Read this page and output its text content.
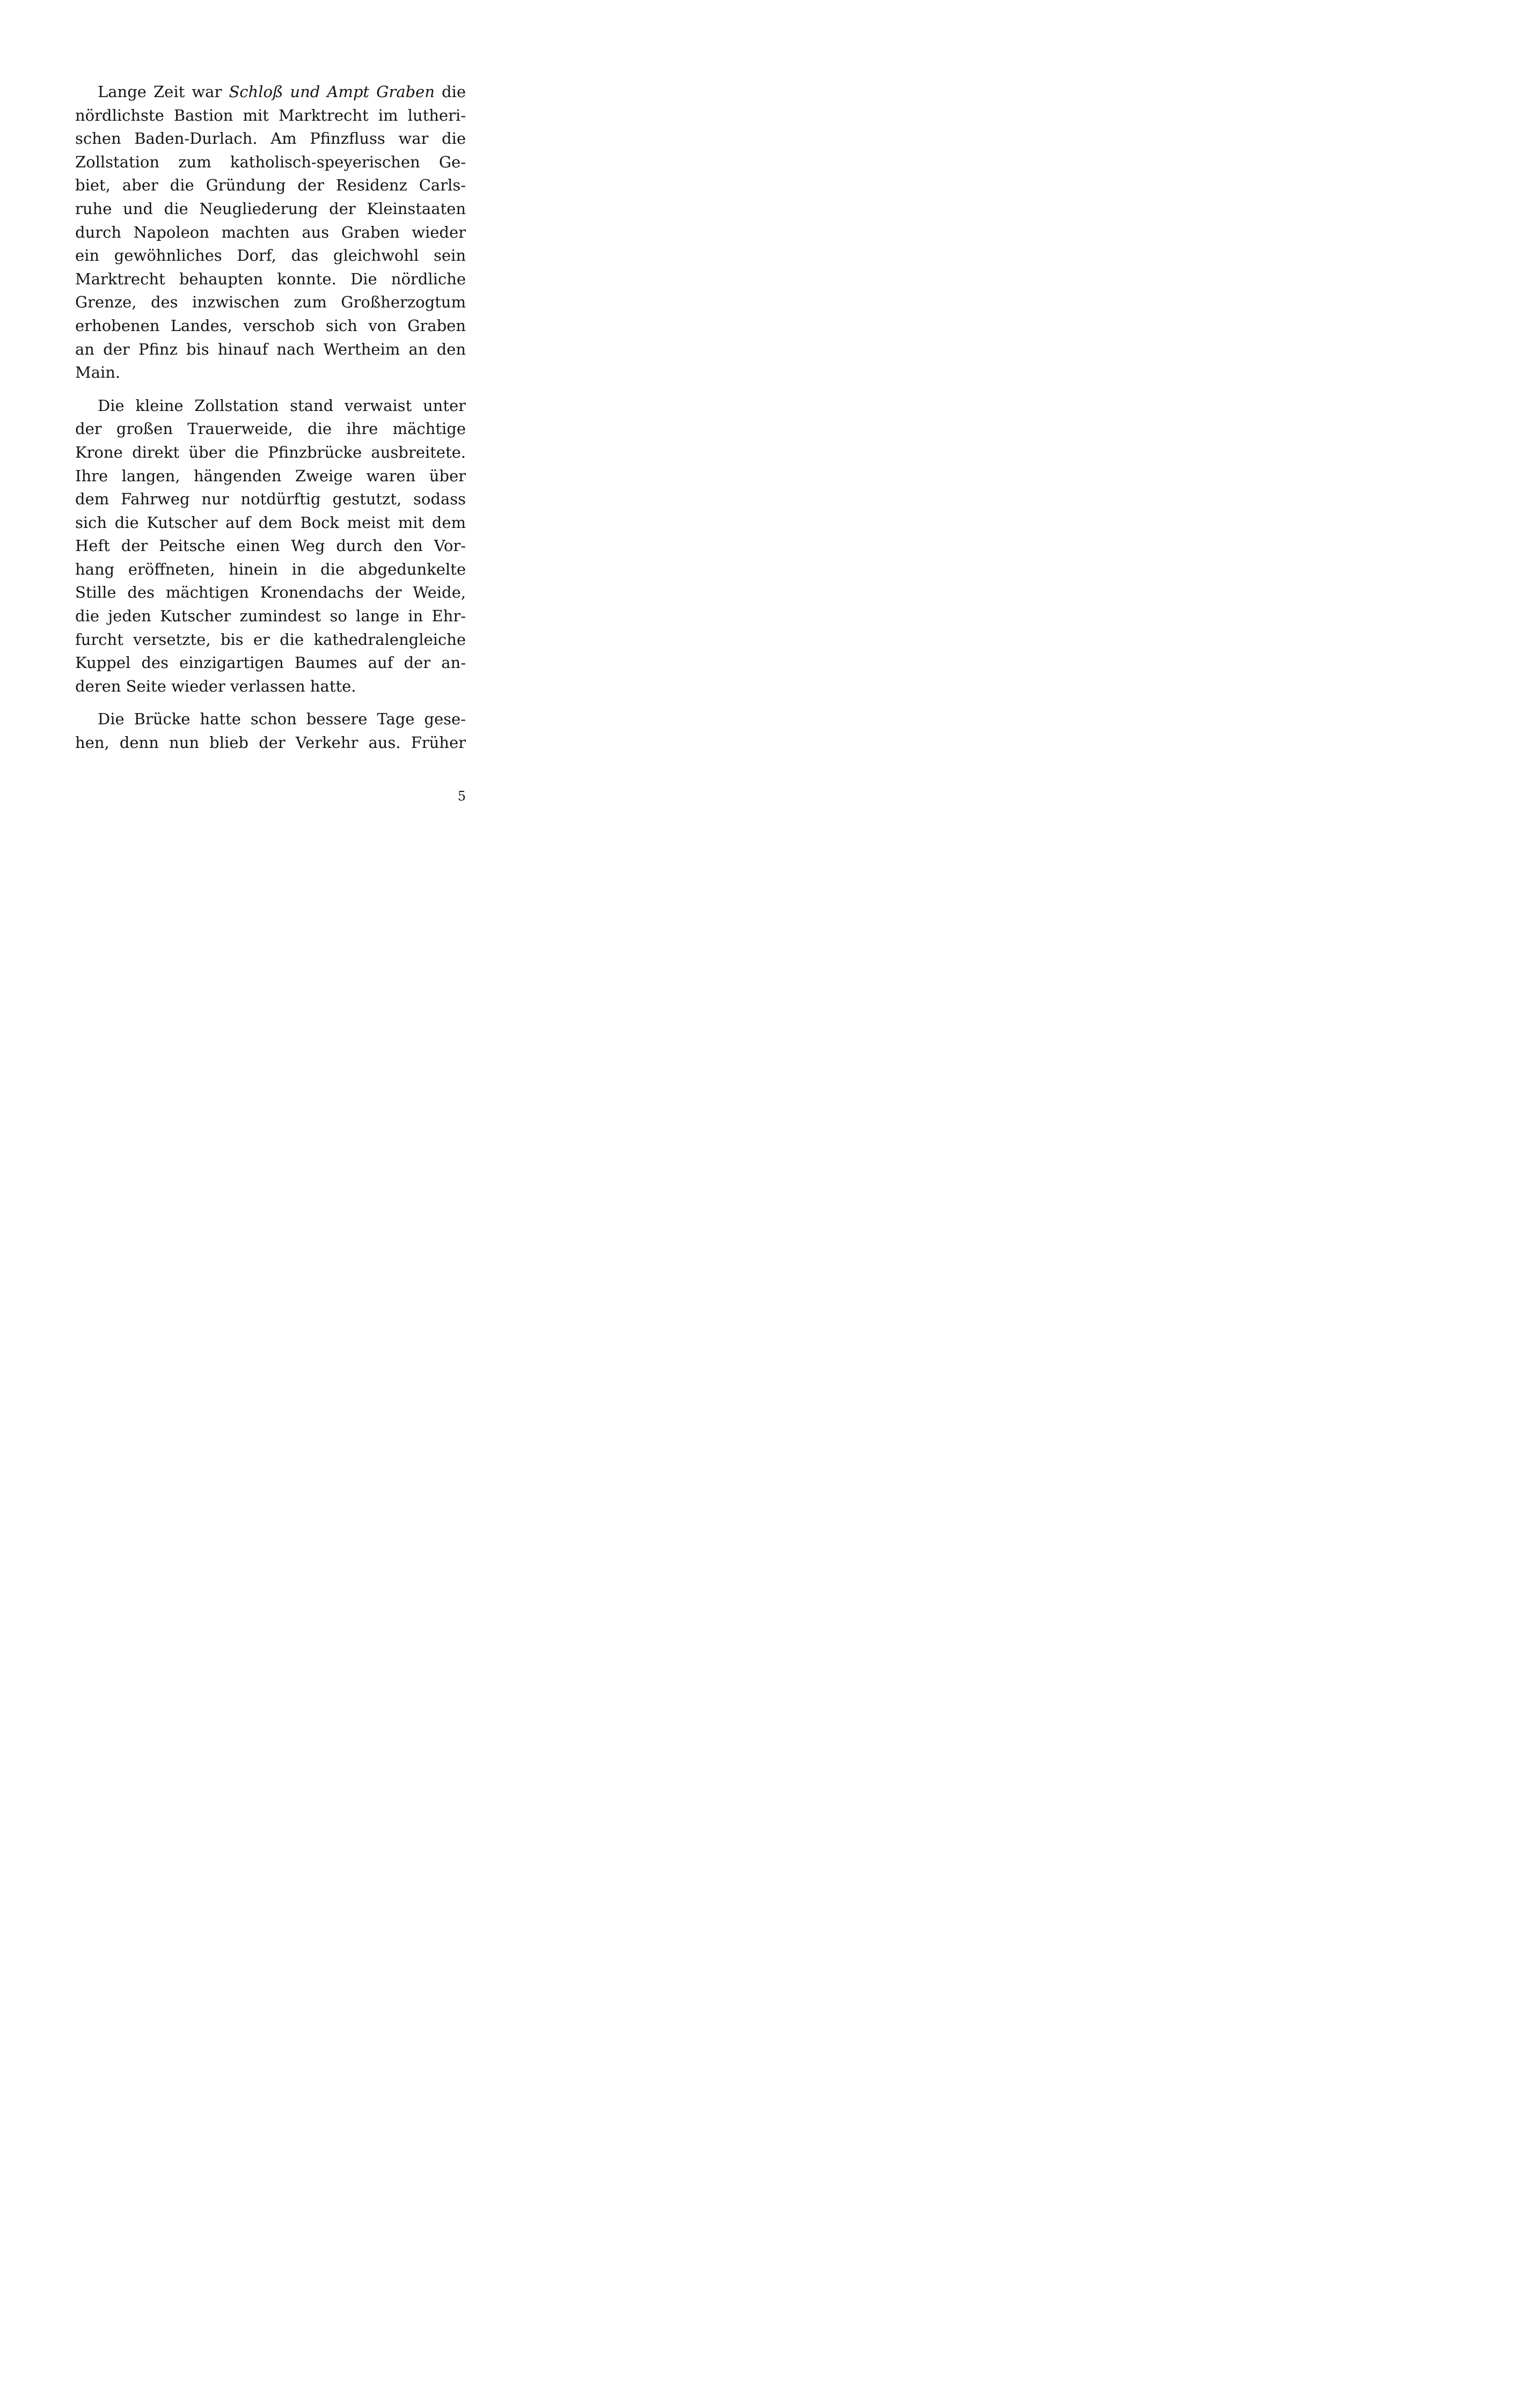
Lange Zeit war Schloß und Ampt Graben die
nördlichste Bastion mit Marktrecht im lutheri-
schen Baden-Durlach. Am Pfinzfluss war die
Zollstation zum katholisch-speyerischen Ge-
biet, aber die Gründung der Residenz Carls-
ruhe und die Neugliederung der Kleinstaaten
durch Napoleon machten aus Graben wieder
ein gewöhnliches Dorf, das gleichwohl sein
Marktrecht behaupten konnte. Die nördliche
Grenze, des inzwischen zum Großherzogtum
erhobenen Landes, verschob sich von Graben
an der Pfinz bis hinauf nach Wertheim an den
Main.
Die kleine Zollstation stand verwaist unter
der großen Trauerweide, die ihre mächtige
Krone direkt über die Pfinzbrücke ausbreitete.
Ihre langen, hängenden Zweige waren über
dem Fahrweg nur notdürftig gestutzt, sodass
sich die Kutscher auf dem Bock meist mit dem
Heft der Peitsche einen Weg durch den Vor-
hang eröffneten, hinein in die abgedunkelte
Stille des mächtigen Kronendachs der Weide,
die jeden Kutscher zumindest so lange in Ehr-
furcht versetzte, bis er die kathedralengleiche
Kuppel des einzigartigen Baumes auf der an-
deren Seite wieder verlassen hatte.
Die Brücke hatte schon bessere Tage gese-
hen, denn nun blieb der Verkehr aus. Früher
5
